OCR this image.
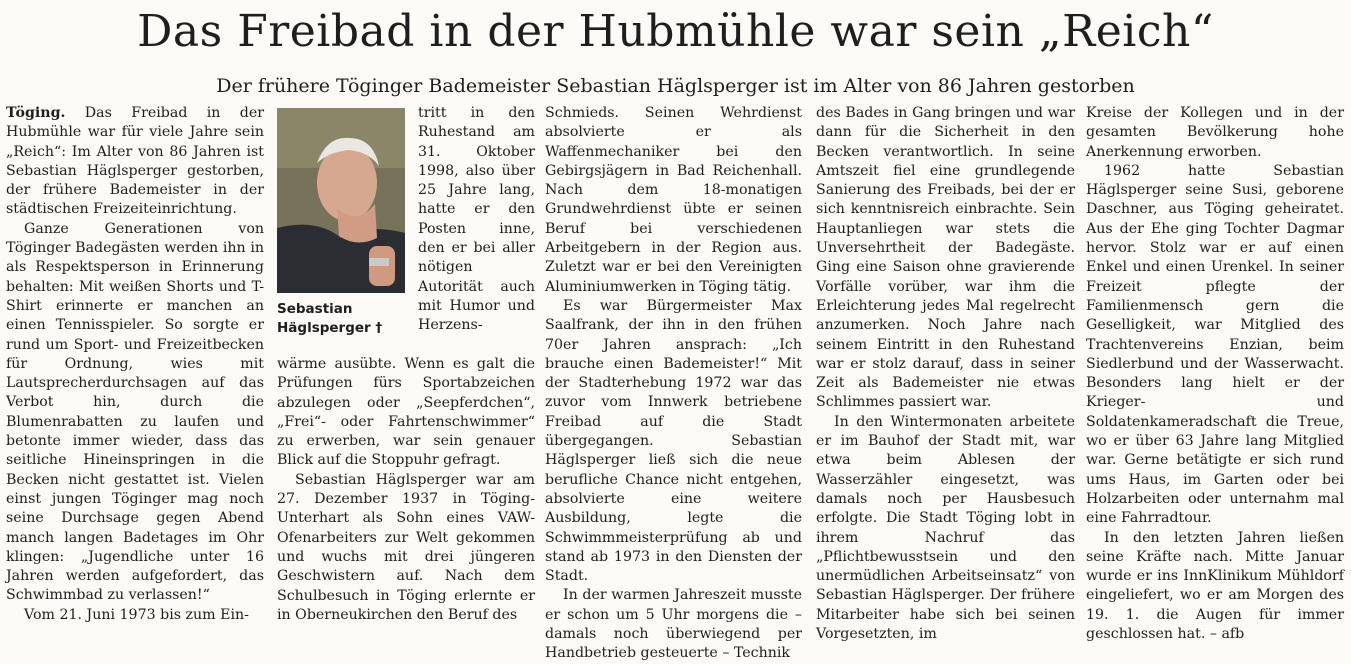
Das Freibad in der Hubmühle war sein „Reich“
Der frühere Töginger Bademeister Sebastian Häglsperger ist im Alter von 86 Jahren gestorben

Töging. Das Freibad in der Hubmühle war für viele Jahre sein „Reich“: Im Alter von 86 Jahren ist Sebastian Häglsperger gestorben, der frühere Bademeister in der städtischen Freizeiteinrichtung.

Ganze Generationen von Töginger Badegästen werden ihn in als Respektsperson in Erinnerung behalten: Mit weißen Shorts und T-Shirt erinnerte er manchen an einen Tennisspieler. So sorgte er rund um Sport- und Freizeitbecken für Ordnung, wies mit Lautsprecherdurchsagen auf das Verbot hin, durch die Blumenrabatten zu laufen und betonte immer wieder, dass das seitliche Hineinspringen in die Becken nicht gestattet ist. Vielen einst jungen Töginger mag noch seine Durchsage gegen Abend manch langen Badetages im Ohr klingen: „Jugendliche unter 16 Jahren werden aufgefordert, das Schwimmbad zu verlassen!“

Vom 21. Juni 1973 bis zum Ein-

Sebastian Häglsperger †

tritt in den Ruhestand am 31. Oktober 1998, also über 25 Jahre lang, hatte er den Posten inne, den er bei aller nötigen Autorität auch mit Humor und Herzens-

wärme ausübte. Wenn es galt die Prüfungen fürs Sportabzeichen abzulegen oder „Seepferdchen“, „Frei“- oder Fahrtenschwimmer“ zu erwerben, war sein genauer Blick auf die Stoppuhr gefragt.

Sebastian Häglsperger war am 27. Dezember 1937 in Töging-Unterhart als Sohn eines VAW-Ofenarbeiters zur Welt gekommen und wuchs mit drei jüngeren Geschwistern auf. Nach dem Schulbesuch in Töging erlernte er in Oberneukirchen den Beruf des

Schmieds. Seinen Wehrdienst absolvierte er als Waffenmechaniker bei den Gebirgsjägern in Bad Reichenhall. Nach dem 18-monatigen Grundwehrdienst übte er seinen Beruf bei verschiedenen Arbeitgebern in der Region aus. Zuletzt war er bei den Vereinigten Aluminiumwerken in Töging tätig.

Es war Bürgermeister Max Saalfrank, der ihn in den frühen 70er Jahren ansprach: „Ich brauche einen Bademeister!“ Mit der Stadterhebung 1972 war das zuvor vom Innwerk betriebene Freibad auf die Stadt übergegangen. Sebastian Häglsperger ließ sich die neue berufliche Chance nicht entgehen, absolvierte eine weitere Ausbildung, legte die Schwimmmeisterprüfung ab und stand ab 1973 in den Diensten der Stadt.

In der warmen Jahreszeit musste er schon um 5 Uhr morgens die – damals noch überwiegend per Handbetrieb gesteuerte – Technik

des Bades in Gang bringen und war dann für die Sicherheit in den Becken verantwortlich. In seine Amtszeit fiel eine grundlegende Sanierung des Freibads, bei der er sich kenntnisreich einbrachte. Sein Hauptanliegen war stets die Unversehrtheit der Badegäste. Ging eine Saison ohne gravierende Vorfälle vorüber, war ihm die Erleichterung jedes Mal regelrecht anzumerken. Noch Jahre nach seinem Eintritt in den Ruhestand war er stolz darauf, dass in seiner Zeit als Bademeister nie etwas Schlimmes passiert war.

In den Wintermonaten arbeitete er im Bauhof der Stadt mit, war etwa beim Ablesen der Wasserzähler eingesetzt, was damals noch per Hausbesuch erfolgte. Die Stadt Töging lobt in ihrem Nachruf das „Pflichtbewusstsein und den unermüdlichen Arbeitseinsatz“ von Sebastian Häglsperger. Der frühere Mitarbeiter habe sich bei seinen Vorgesetzten, im

Kreise der Kollegen und in der gesamten Bevölkerung hohe Anerkennung erworben.

1962 hatte Sebastian Häglsperger seine Susi, geborene Daschner, aus Töging geheiratet. Aus der Ehe ging Tochter Dagmar hervor. Stolz war er auf einen Enkel und einen Urenkel. In seiner Freizeit pflegte der Familienmensch gern die Geselligkeit, war Mitglied des Trachtenvereins Enzian, beim Siedlerbund und der Wasserwacht. Besonders lang hielt er der Krieger- und Soldatenkameradschaft die Treue, wo er über 63 Jahre lang Mitglied war. Gerne betätigte er sich rund ums Haus, im Garten oder bei Holzarbeiten oder unternahm mal eine Fahrradtour.

In den letzten Jahren ließen seine Kräfte nach. Mitte Januar wurde er ins InnKlinikum Mühldorf eingeliefert, wo er am Morgen des 19. 1. die Augen für immer geschlossen hat. – afb
